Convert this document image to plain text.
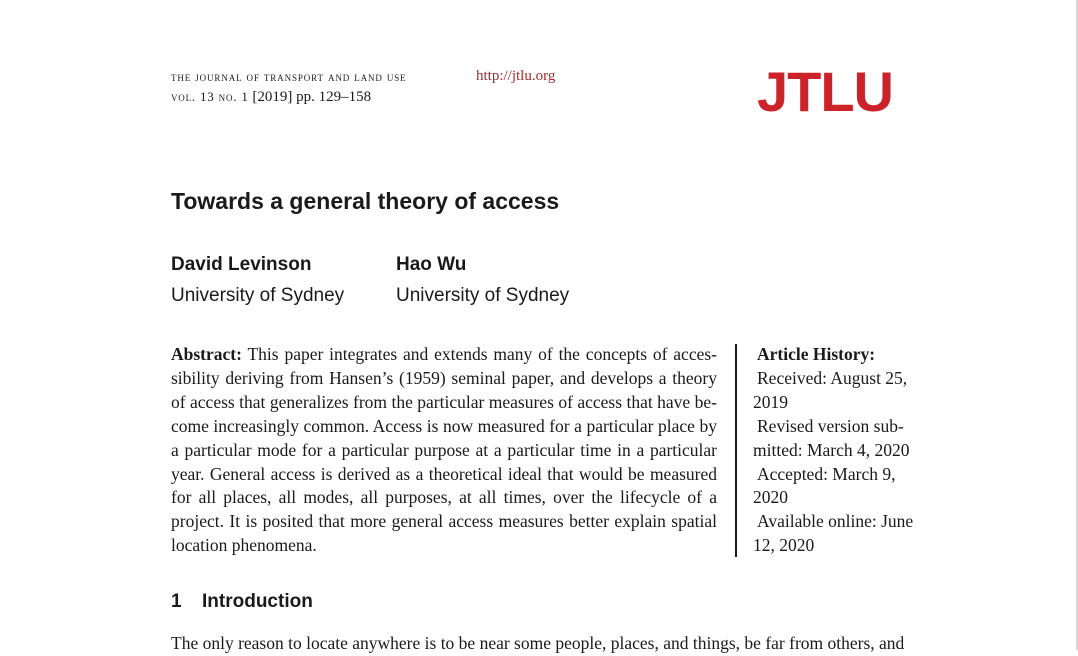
the journal of transport and land use	http://jtlu.org
vol. 13 no. 1 [2019] pp. 129–158	JTLU
Towards a general theory of access
David Levinson
University of Sydney
Hao Wu
University of Sydney
Abstract: This paper integrates and extends many of the concepts of accessibility deriving from Hansen’s (1959) seminal paper, and develops a theory of access that generalizes from the particular measures of access that have become increasingly common. Access is now measured for a particular place by a particular mode for a particular purpose at a particular time in a particular year. General access is derived as a theoretical ideal that would be measured for all places, all modes, all purposes, at all times, over the lifecycle of a project. It is posited that more general access measures better explain spatial location phenomena.
Article History:
Received: August 25, 2019
Revised version submitted: March 4, 2020
Accepted: March 9, 2020
Available online: June 12, 2020
1 Introduction
The only reason to locate anywhere is to be near some people, places, and things, be far from others, and
